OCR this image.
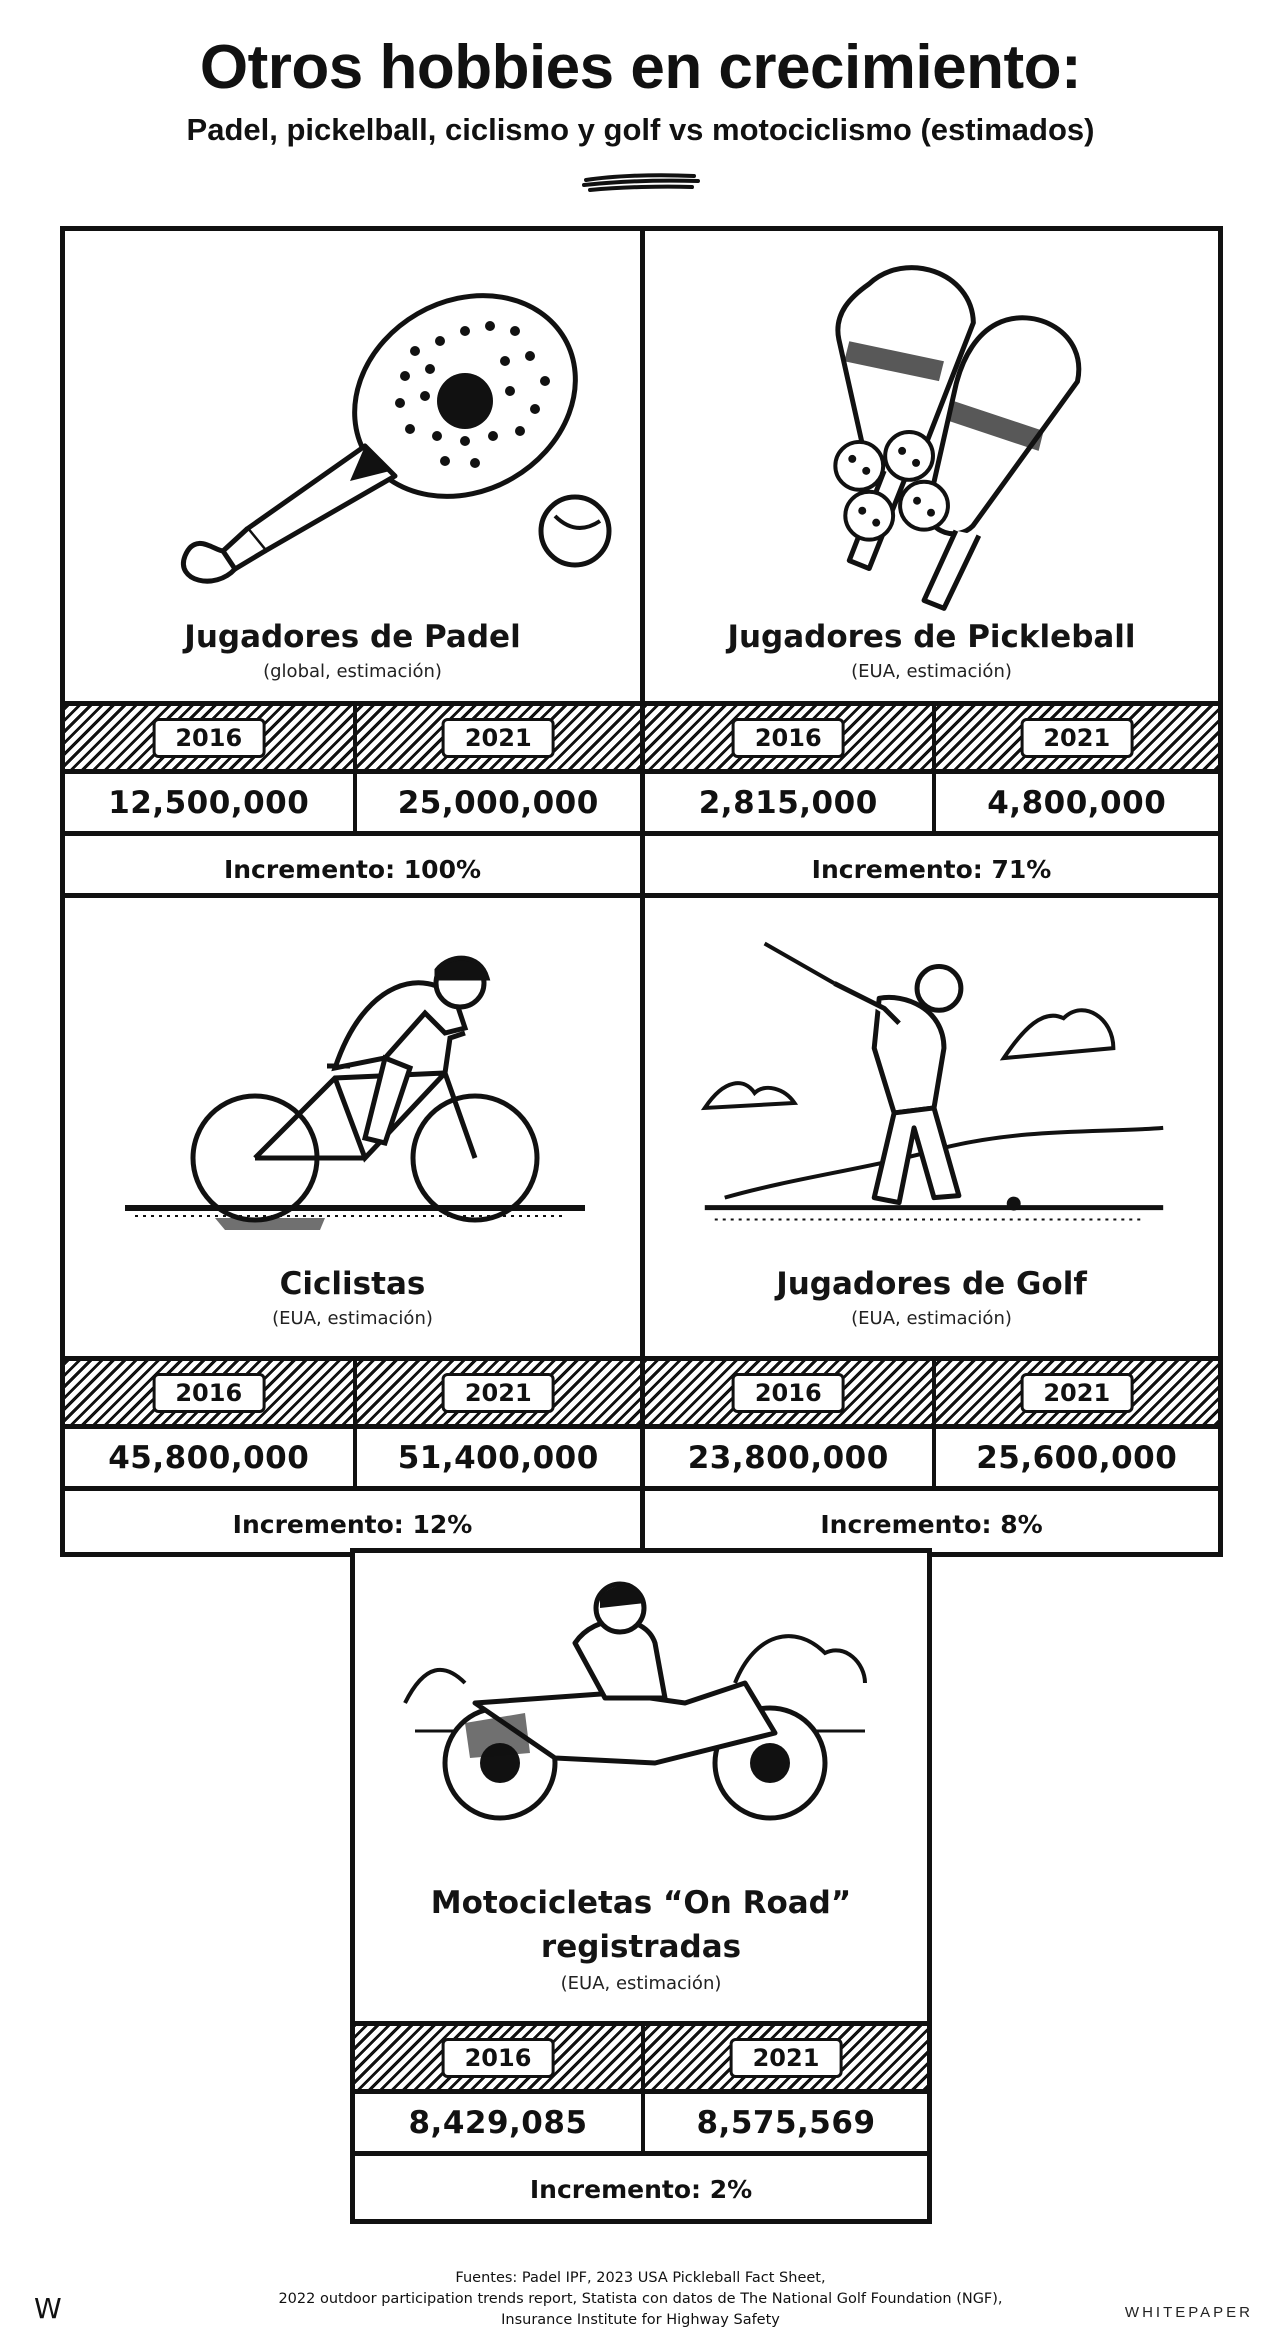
Otros hobbies en crecimiento:
Padel, pickelball, ciclismo y golf vs motociclismo (estimados)
Jugadores de Padel
(global, estimación)
2016	2021
12,500,000	25,000,000
Incremento: 100%
Jugadores de Pickleball
(EUA, estimación)
2016	2021
2,815,000	4,800,000
Incremento: 71%
Ciclistas
(EUA, estimación)
2016	2021
45,800,000	51,400,000
Incremento: 12%
Jugadores de Golf
(EUA, estimación)
2016	2021
23,800,000	25,600,000
Incremento: 8%
Motocicletas “On Road” registradas
(EUA, estimación)
2016	2021
8,429,085	8,575,569
Incremento: 2%
Fuentes: Padel IPF, 2023 USA Pickleball Fact Sheet,
2022 outdoor participation trends report, Statista con datos de The National Golf Foundation (NGF),
Insurance Institute for Highway Safety
W	WHITEPAPER
